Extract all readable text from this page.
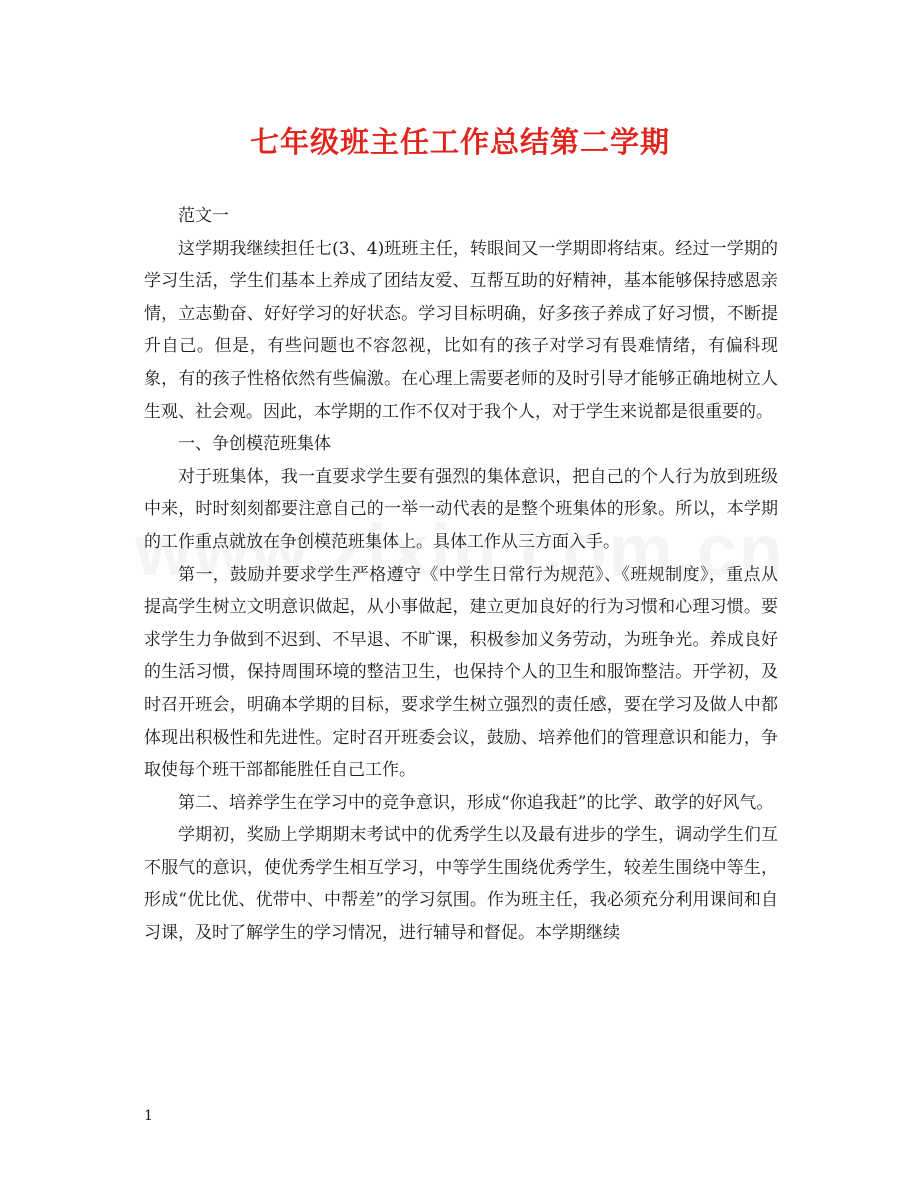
七年级班主任工作总结第二学期

范文一

这学期我继续担任七(3、4)班班主任，转眼间又一学期即将结束。经过一学期的学习生活，学生们基本上养成了团结友爱、互帮互助的好精神，基本能够保持感恩亲情，立志勤奋、好好学习的好状态。学习目标明确，好多孩子养成了好习惯，不断提升自己。但是，有些问题也不容忽视，比如有的孩子对学习有畏难情绪，有偏科现象，有的孩子性格依然有些偏激。在心理上需要老师的及时引导才能够正确地树立人生观、社会观。因此，本学期的工作不仅对于我个人，对于学生来说都是很重要的。

一、争创模范班集体

对于班集体，我一直要求学生要有强烈的集体意识，把自己的个人行为放到班级中来，时时刻刻都要注意自己的一举一动代表的是整个班集体的形象。所以，本学期的工作重点就放在争创模范班集体上。具体工作从三方面入手。

第一，鼓励并要求学生严格遵守《中学生日常行为规范》、《班规制度》，重点从提高学生树立文明意识做起，从小事做起，建立更加良好的行为习惯和心理习惯。要求学生力争做到不迟到、不早退、不旷课，积极参加义务劳动，为班争光。养成良好的生活习惯，保持周围环境的整洁卫生，也保持个人的卫生和服饰整洁。开学初，及时召开班会，明确本学期的目标，要求学生树立强烈的责任感，要在学习及做人中都体现出积极性和先进性。定时召开班委会议，鼓励、培养他们的管理意识和能力，争取使每个班干部都能胜任自己工作。

第二、培养学生在学习中的竞争意识，形成“你追我赶”的比学、敢学的好风气。

学期初，奖励上学期期末考试中的优秀学生以及最有进步的学生，调动学生们互不服气的意识，使优秀学生相互学习，中等学生围绕优秀学生，较差生围绕中等生，形成“优比优、优带中、中帮差”的学习氛围。作为班主任，我必须充分利用课间和自习课，及时了解学生的学习情况，进行辅导和督促。本学期继续

1
